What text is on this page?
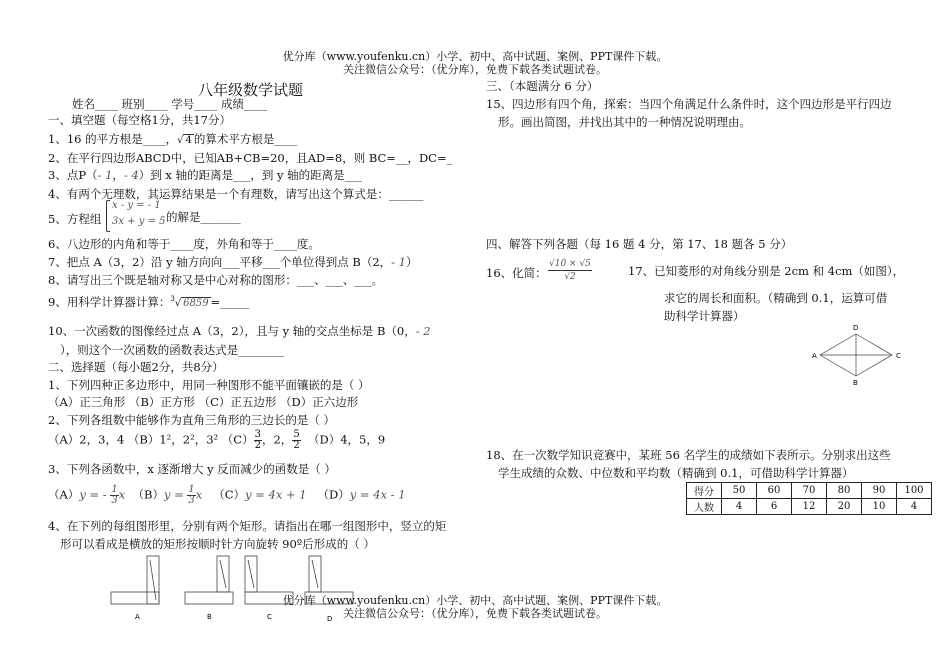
优分库（www.youfenku.cn）小学、初中、高中试题、案例、PPT课件下载。
关注微信公众号：（优分库），免费下载各类试题试卷。
八年级数学试题
姓名____ 班别____ 学号____ 成绩____
一、填空题（每空格1分，共17分）
1、16 的平方根是____，√ 4 的算术平方根是____
2、在平行四边形ABCD中，已知AB+CB=20，且AD=8，则 BC=__，DC=_
3、点P（- 1，- 4）到 x 轴的距离是___，到 y 轴的距离是___
4、有两个无理数，其运算结果是一个有理数，请写出这个算式是：______
5、方程组
x - y = - 1
3x + y = 5 的解是_______
6、八边形的内角和等于____度，外角和等于____度。
7、把点 A（3，2）沿 y 轴方向向___平移___个单位得到点 B（2，- 1）
8、请写出三个既是轴对称又是中心对称的图形：___、___、___。
9、用科学计算器计算：$^3$√ 6859 =_____
10、一次函数的图像经过点 A（3，2），且与 y 轴的交点坐标是 B（0，- 2
），则这个一次函数的函数表达式是________
二、选择题（每小题2分，共8分）
1、下列四种正多边形中，用同一种图形不能平面镶嵌的是（ ）
（A）正三角形 （B）正方形 （C）正五边形 （D）正六边形
2、下列各组数中能够作为直角三角形的三边长的是（ ）
（A）2，3，4 （B）1²，2²，3² $(C) \frac{3}{2}$ ，2， $\frac{5}{2} (D)4$，5，9
3、下列各函数中，x 逐渐增大 y 反而减少的函数是（ ）
（A）y = - $\frac{1}{3}$ x $(B)y = \frac{1}{3}$ x （C）y = 4x + 1 （D）y = 4x - 1
4、在下列的每组图形里，分别有两个矩形。请指出在哪一组图形中，竖立的矩
形可以看成是横放的矩形按顺时针方向旋转 90º后形成的（ ）
A	B	C	D
三、（本题满分 6 分）
15、四边形有四个角，探索：当四个角满足什么条件时，这个四边形是平行四边
形。画出简图，并找出其中的一种情况说明理由。
四、解答下列各题（每 16 题 4 分，第 17、18 题各 5 分）
16、化简： $\frac{√10 \times √5}{√2}$	17、已知菱形的对角线分别是 2cm 和 4cm（如图），
求它的周长和面积。（精确到 0.1，运算可借
助科学计算器）
D
A	C
B
18、在一次数学知识竞赛中，某班 56 名学生的成绩如下表所示。分别求出这些
学生成绩的众数、中位数和平均数（精确到 0.1，可借助科学计算器）
得分	50	60	70	80	90	100
人数	4	6	12	20	10	4
优分库（www.youfenku.cn）小学、初中、高中试题、案例、PPT课件下载。
关注微信公众号：（优分库），免费下载各类试题试卷。
